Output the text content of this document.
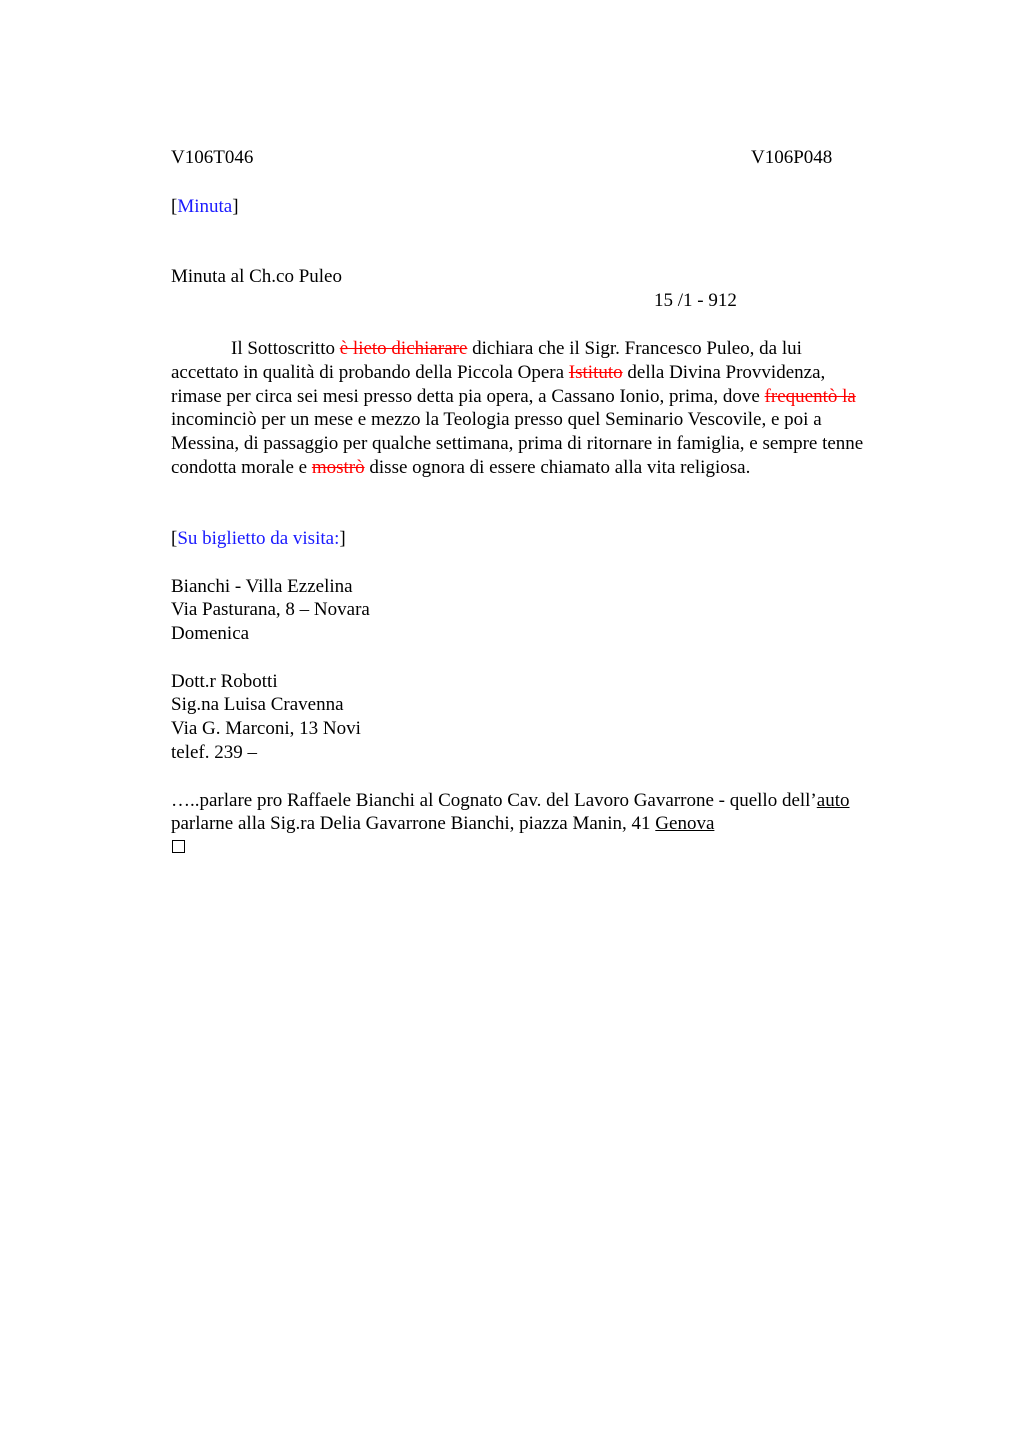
V106T046	V106P048
[Minuta]
Minuta al Ch.co Puleo
15 /1 - 912
Il Sottoscritto è lieto dichiarare dichiara che il Sigr. Francesco Puleo, da lui
accettato in qualità di probando della Piccola Opera Istituto della Divina Provvidenza,
rimase per circa sei mesi presso detta pia opera, a Cassano Ionio, prima, dove frequentò la
incominciò per un mese e mezzo la Teologia presso quel Seminario Vescovile, e poi a
Messina, di passaggio per qualche settimana, prima di ritornare in famiglia, e sempre tenne
condotta morale e mostrò disse ognora di essere chiamato alla vita religiosa.
[Su biglietto da visita:]
Bianchi - Villa Ezzelina
Via Pasturana, 8 – Novara
Domenica
Dott.r Robotti
Sig.na Luisa Cravenna
Via G. Marconi, 13 Novi
telef. 239 –
…..parlare pro Raffaele Bianchi al Cognato Cav. del Lavoro Gavarrone - quello dell’auto
parlarne alla Sig.ra Delia Gavarrone Bianchi, piazza Manin, 41 Genova
